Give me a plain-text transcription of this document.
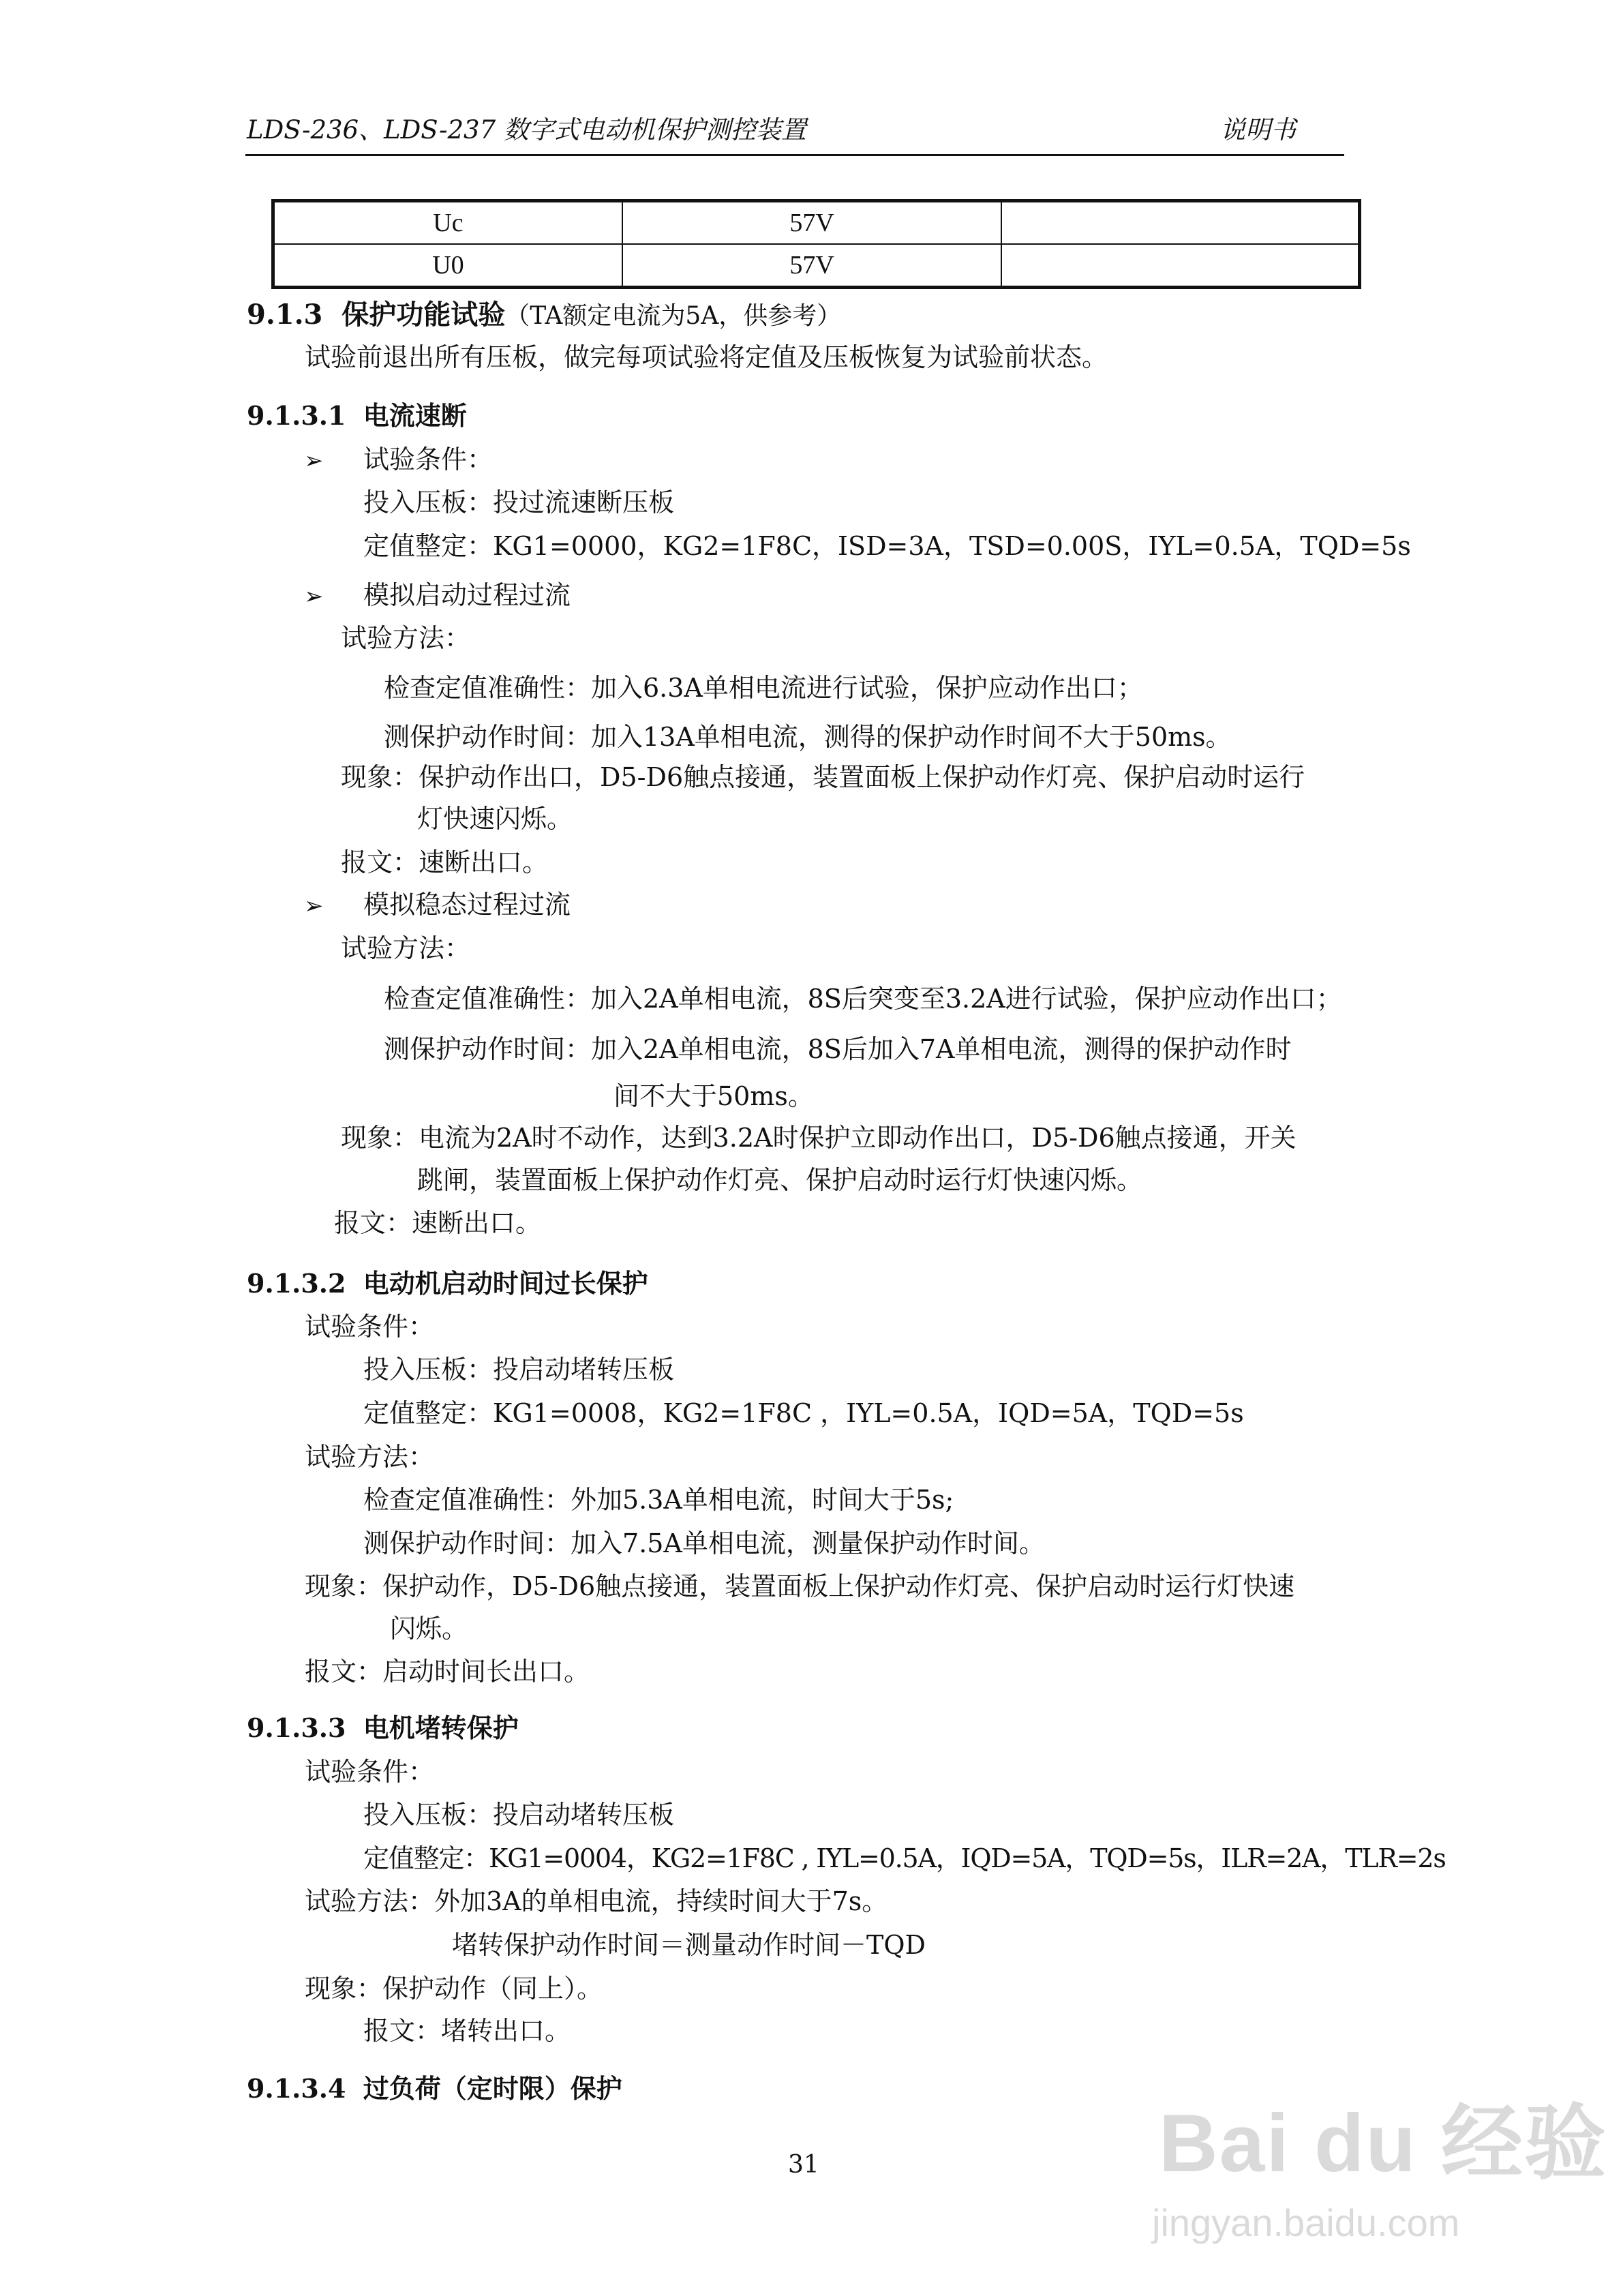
LDS-236、LDS-237 数字式电动机保护测控装置	说明书
Uc	57V	
U0	57V	
9.1.3 保护功能试验（TA额定电流为5A，供参考）
试验前退出所有压板，做完每项试验将定值及压板恢复为试验前状态。
9.1.3.1 电流速断
➢ 试验条件：
投入压板：投过流速断压板
定值整定：KG1=0000，KG2=1F8C，ISD=3A，TSD=0.00S，IYL=0.5A，TQD=5s
➢ 模拟启动过程过流
试验方法：
检查定值准确性：加入6.3A单相电流进行试验，保护应动作出口；
测保护动作时间：加入13A单相电流，测得的保护动作时间不大于50ms。
现象：保护动作出口，D5-D6触点接通，装置面板上保护动作灯亮、保护启动时运行
灯快速闪烁。
报文：速断出口。
➢ 模拟稳态过程过流
试验方法：
检查定值准确性：加入2A单相电流，8S后突变至3.2A进行试验，保护应动作出口；
测保护动作时间：加入2A单相电流，8S后加入7A单相电流，测得的保护动作时
间不大于50ms。
现象：电流为2A时不动作，达到3.2A时保护立即动作出口，D5-D6触点接通，开关
跳闸，装置面板上保护动作灯亮、保护启动时运行灯快速闪烁。
报文：速断出口。
9.1.3.2 电动机启动时间过长保护
试验条件：
投入压板：投启动堵转压板
定值整定：KG1=0008，KG2=1F8C ，IYL=0.5A，IQD=5A，TQD=5s
试验方法：
检查定值准确性：外加5.3A单相电流，时间大于5s;
测保护动作时间：加入7.5A单相电流，测量保护动作时间。
现象：保护动作，D5-D6触点接通，装置面板上保护动作灯亮、保护启动时运行灯快速
闪烁。
报文：启动时间长出口。
9.1.3.3 电机堵转保护
试验条件：
投入压板：投启动堵转压板
定值整定：KG1=0004，KG2=1F8C , IYL=0.5A，IQD=5A，TQD=5s，ILR=2A，TLR=2s
试验方法：外加3A的单相电流，持续时间大于7s。
堵转保护动作时间＝测量动作时间－TQD
现象：保护动作（同上）。
报文：堵转出口。
9.1.3.4 过负荷（定时限）保护
31	Bai du 经验
jingyan.baidu.com
